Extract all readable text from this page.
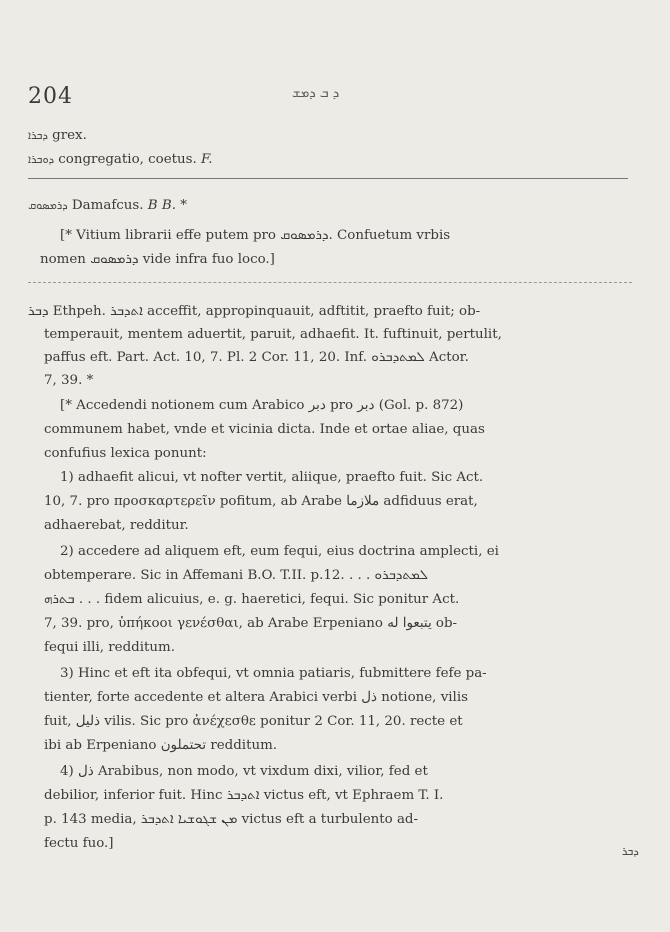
204	ܕ ܒ ܕܡܫ
ܕܒܪܐ grex.
ܕܘܒܪܐ congregatio, coetus. F.
ܕܪܡܣܘܩ Damafcus. B B. *
[* Vitium librarii effe putem pro ܕܪܡܣܘܩ. Confuetum vrbis
nomen ܕܪܡܣܘܩ vide infra fuo loco.]
ܕܒܪ Ethpeh. ܐܬܕܒܪ acceffit, appropinquauit, adftitit, praefto fuit; ob-
temperauit, mentem aduertit, paruit, adhaefit. It. fuftinuit, pertulit,
paffus eft. Part. Act. 10, 7. Pl. 2 Cor. 11, 20. Inf. ܠܡܬܕܒܪܘ Actor.
7, 39. *
[* Accedendi notionem cum Arabico دبر pro دبر (Gol. p. 872)
communem habet, vnde et vicinia dicta. Inde et ortae aliae, quas
confufius lexica ponunt:
1) adhaefit alicui, vt nofter vertit, aliique, praefto fuit. Sic Act.
10, 7. pro προσκαρτερεῖν pofitum, ab Arabe ملازما adfiduus erat,
adhaerebat, redditur.
2) accedere ad aliquem eft, eum fequi, eius doctrina amplecti, ei
obtemperare. Sic in Affemani B.O. T.II. p.12. . . . ܠܡܬܕܒܪܘ
ܒܬܪܗ . . . fidem alicuius, e. g. haeretici, fequi. Sic ponitur Act.
7, 39. pro, ὑπήκοοι γενέσθαι, ab Arabe Erpeniano يتبعوا له ob-
fequi illi, redditum.
3) Hinc et eft ita obfequi, vt omnia patiaris, fubmittere fefe pa-
tienter, forte accedente et altera Arabici verbi ذل notione, vilis
fuit, ذليل vilis. Sic pro ἀνέχεσθε ponitur 2 Cor. 11, 20. recte et
ibi ab Erpeniano تحتملون redditum.
4) ذل Arabibus, non modo, vt vixdum dixi, vilior, fed et
debilior, inferior fuit. Hinc ܐܬܕܒܪ victus eft, vt Ephraem T. I.
p. 143 media, ܡܢ ܫܓܘܫܝܐ ܐܬܕܒܪ victus eft a turbulento ad-
fectu fuo.]
ܕܒܪ
